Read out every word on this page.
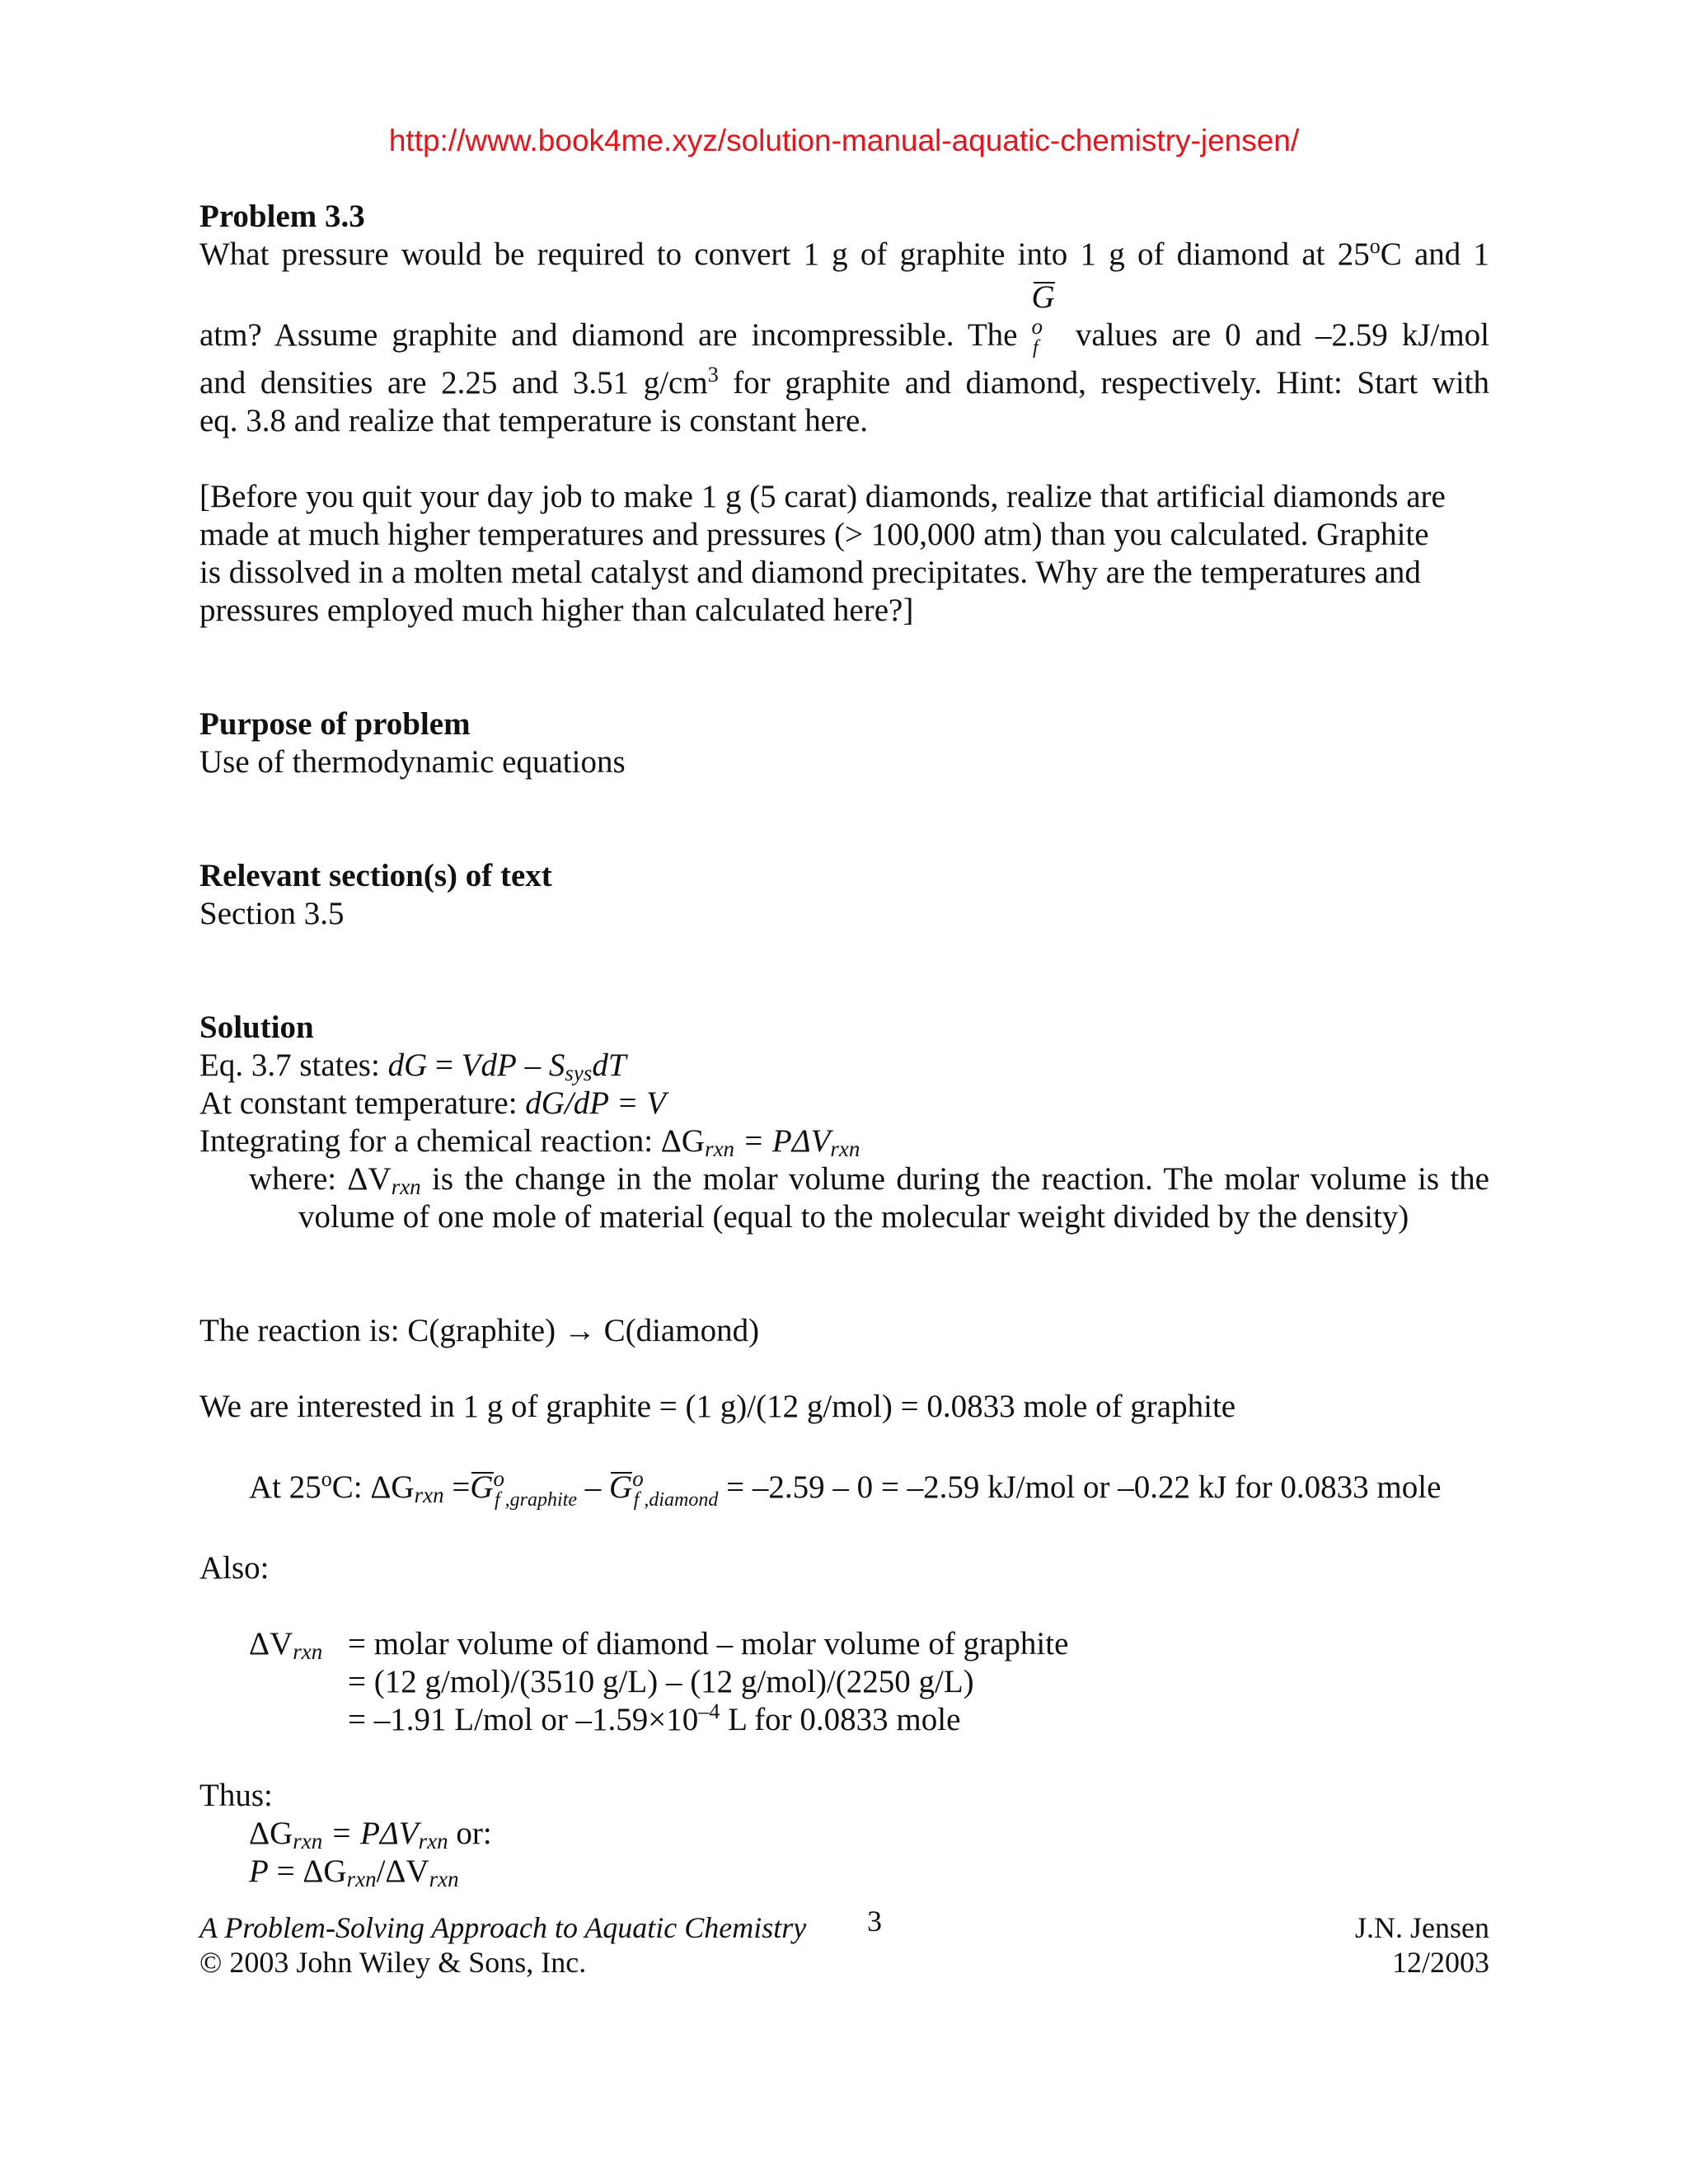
http://www.book4me.xyz/solution-manual-aquatic-chemistry-jensen/

Problem 3.3

What pressure would be required to convert 1 g of graphite into 1 g of diamond at 25$^o$C and 1

atm? Assume graphite and diamond are incompressible. The $G^o_f$ values are 0 and –2.59 kJ/mol

and densities are 2.25 and 3.51 $g/cm^3$ for graphite and diamond, respectively. Hint: Start with

eq. 3.8 and realize that temperature is constant here.

[Before you quit your day job to make 1 g (5 carat) diamonds, realize that artificial diamonds are

made at much higher temperatures and pressures (> 100,000 atm) than you calculated. Graphite

is dissolved in a molten metal catalyst and diamond precipitates. Why are the temperatures and

pressures employed much higher than calculated here?]

Purpose of problem

Use of thermodynamic equations

Relevant section(s) of text

Section 3.5

Solution

Eq. 3.7 states: dG = VdP – $S_{sys}dT$

At constant temperature: dG/dP = V

Integrating for a chemical reaction: $\Delta G_{rxn} = P\Delta V_{rxn}$

where: $\Delta V_{rxn}$ is the change in the molar volume during the reaction. The molar volume is the

volume of one mole of material (equal to the molecular weight divided by the density)

The reaction is: C(graphite) → C(diamond)

We are interested in 1 g of graphite = (1 g)/(12 g/mol) = 0.0833 mole of graphite

At 25$^o$C: $\Delta G_{rxn} =G^o_{f ,graphite} - G^o_{f ,diamond} = -2.59 - 0 = -2.59$ kJ/mol or –0.22 kJ for 0.0833 mole

Also:

$\Delta V_{rxn}$ = molar volume of diamond – molar volume of graphite
= (12 g/mol)/(3510 g/L) – (12 g/mol)/(2250 g/L)
= –1.91 L/mol or $-1.59\times 10^{-4}$ L for 0.0833 mole

Thus:

$\Delta G_{rxn} = P\Delta V_{rxn}$ or:

$P = \Delta G_{rxn}/\Delta V_{rxn}$

A Problem-Solving Approach to Aquatic Chemistry
© 2003 John Wiley & Sons, Inc.
3	J.N. Jensen
12/2003
